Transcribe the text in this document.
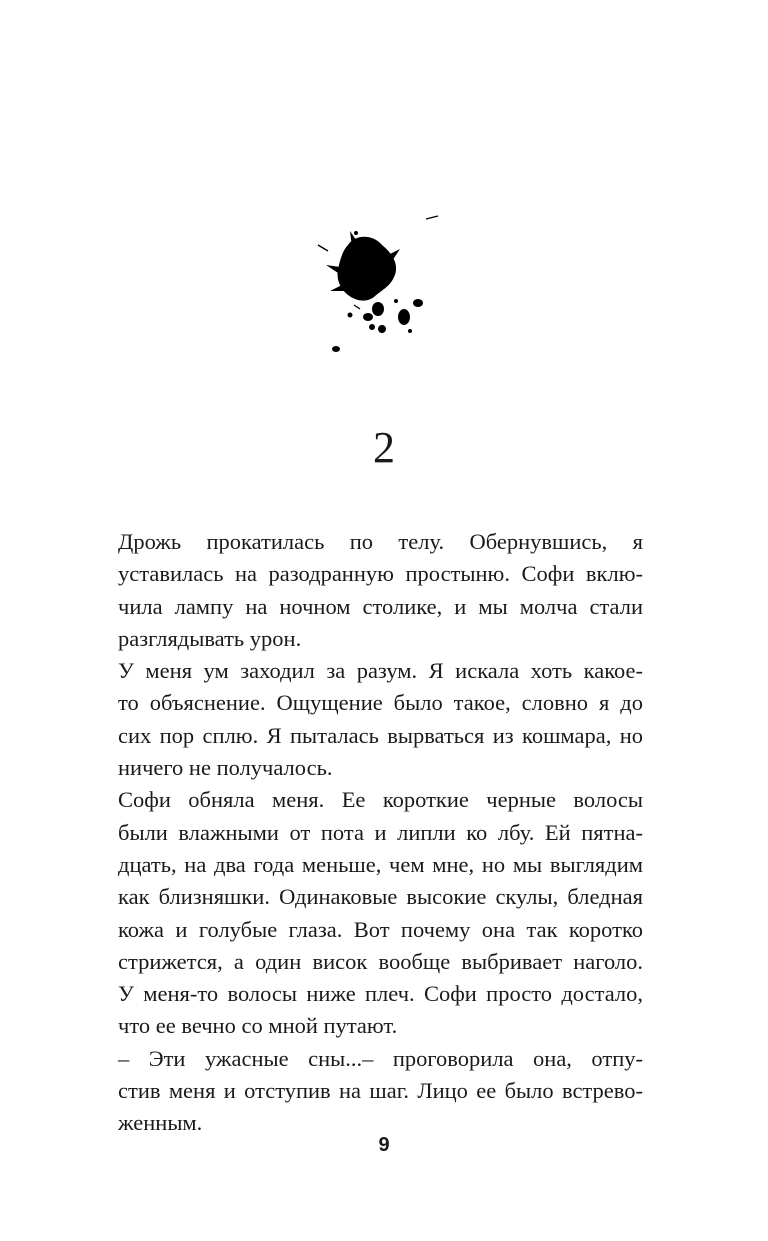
2

Дрожь прокатилась по телу. Обернувшись, я
уставилась на разодранную простыню. Софи вклю-
чила лампу на ночном столике, и мы молча стали
разглядывать урон.

У меня ум заходил за разум. Я искала хоть какое-
то объяснение. Ощущение было такое, словно я до
сих пор сплю. Я пыталась вырваться из кошмара, но
ничего не получалось.

Софи обняла меня. Ее короткие черные волосы
были влажными от пота и липли ко лбу. Ей пятна-
дцать, на два года меньше, чем мне, но мы выглядим
как близняшки. Одинаковые высокие скулы, бледная
кожа и голубые глаза. Вот почему она так коротко
стрижется, а один висок вообще выбривает наголо.
У меня-то волосы ниже плеч. Софи просто достало,
что ее вечно со мной путают.

– Эти ужасные сны...– проговорила она, отпу-
стив меня и отступив на шаг. Лицо ее было встрево-
женным.

9
